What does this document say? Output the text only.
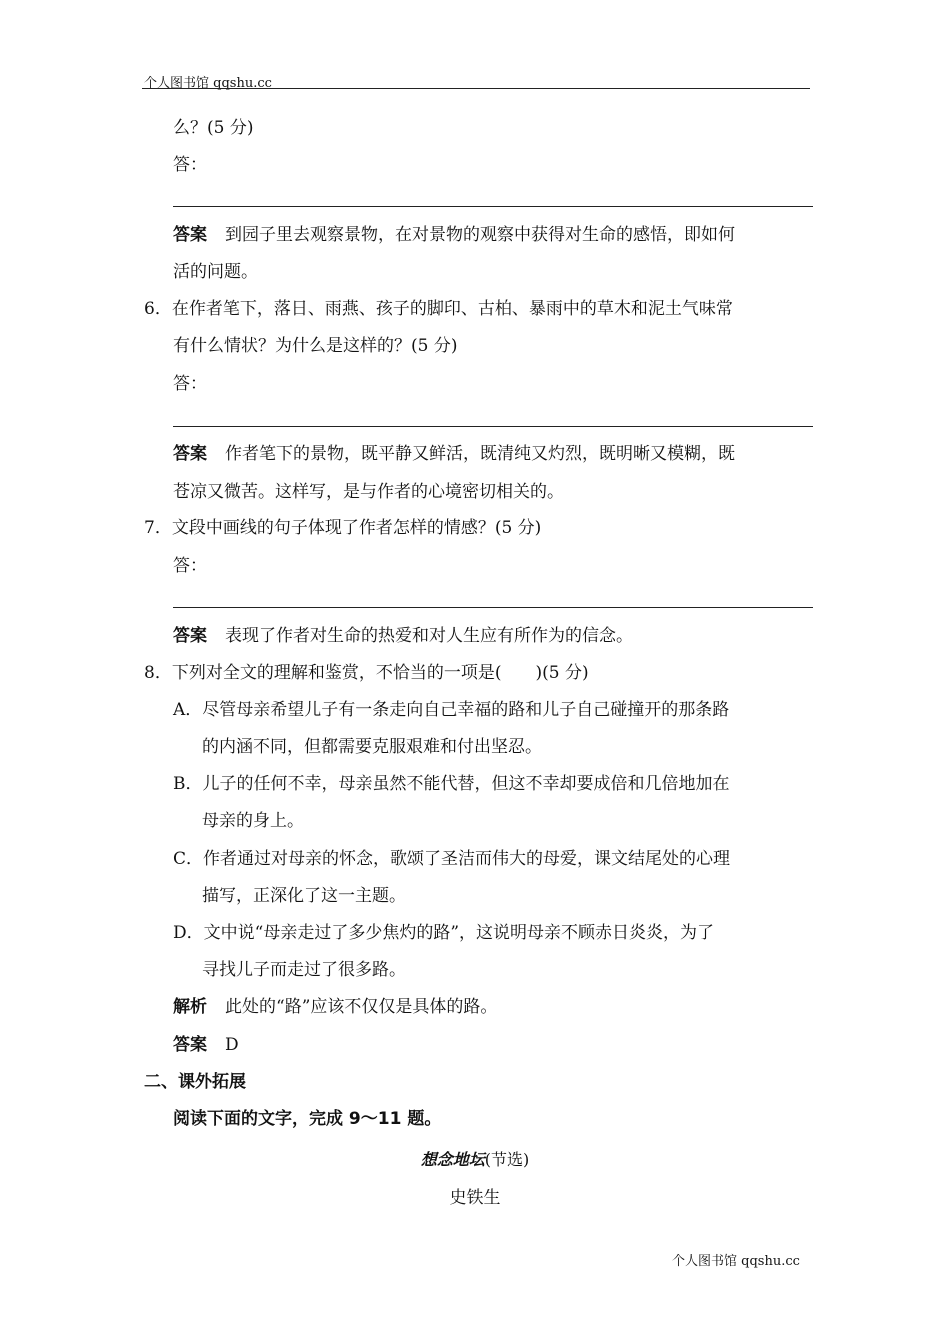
个人图书馆 qqshu.cc
么？(5 分)
答：
答案 到园子里去观察景物，在对景物的观察中获得对生命的感悟，即如何
活的问题。
6．在作者笔下，落日、雨燕、孩子的脚印、古柏、暴雨中的草木和泥土气味常
有什么情状？为什么是这样的？(5 分)
答：
答案 作者笔下的景物，既平静又鲜活，既清纯又灼烈，既明晰又模糊，既
苍凉又微苦。这样写，是与作者的心境密切相关的。
7．文段中画线的句子体现了作者怎样的情感？(5 分)
答：
答案 表现了作者对生命的热爱和对人生应有所作为的信念。
8．下列对全文的理解和鉴赏，不恰当的一项是(　　)(5 分)
A．尽管母亲希望儿子有一条走向自己幸福的路和儿子自己碰撞开的那条路
的内涵不同，但都需要克服艰难和付出坚忍。
B．儿子的任何不幸，母亲虽然不能代替，但这不幸却要成倍和几倍地加在
母亲的身上。
C．作者通过对母亲的怀念，歌颂了圣洁而伟大的母爱，课文结尾处的心理
描写，正深化了这一主题。
D．文中说“母亲走过了多少焦灼的路”，这说明母亲不顾赤日炎炎，为了
寻找儿子而走过了很多路。
解析 此处的“路”应该不仅仅是具体的路。
答案 D
二、课外拓展
阅读下面的文字，完成 9～11 题。
想念地坛(节选)
史铁生
个人图书馆 qqshu.cc
